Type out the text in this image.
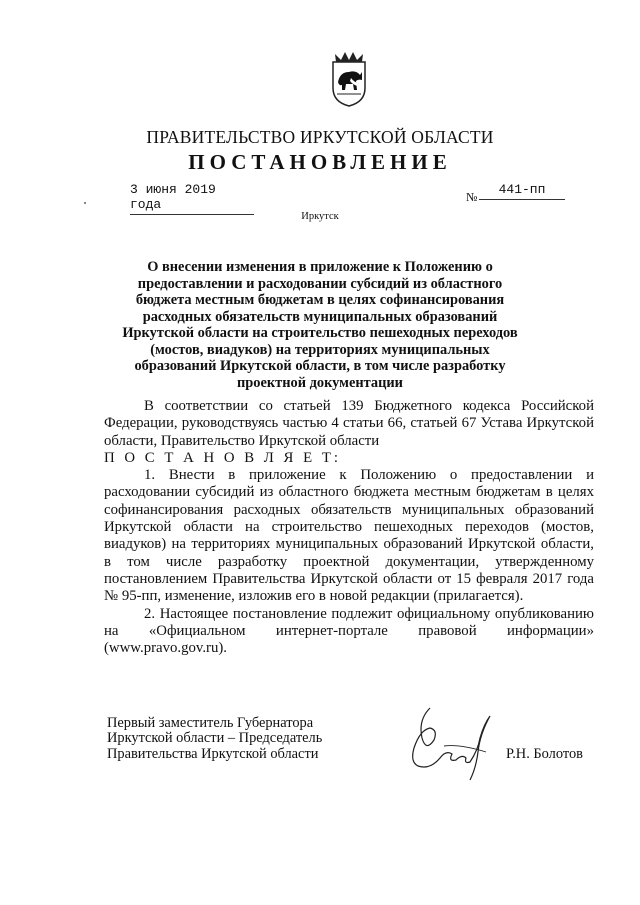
ПРАВИТЕЛЬСТВО ИРКУТСКОЙ ОБЛАСТИ
ПОСТАНОВЛЕНИЕ
3 июня 2019 года	№	441-пп
Иркутск
О внесении изменения в приложение к Положению о предоставлении и расходовании субсидий из областного бюджета местным бюджетам в целях софинансирования расходных обязательств муниципальных образований Иркутской области на строительство пешеходных переходов (мостов, виадуков) на территориях муниципальных образований Иркутской области, в том числе разработку проектной документации

В соответствии со статьей 139 Бюджетного кодекса Российской Федерации, руководствуясь частью 4 статьи 66, статьей 67 Устава Иркутской области, Правительство Иркутской области

П О С Т А Н О В Л Я Е Т:

1. Внести в приложение к Положению о предоставлении и расходовании субсидий из областного бюджета местным бюджетам в целях софинансирования расходных обязательств муниципальных образований Иркутской области на строительство пешеходных переходов (мостов, виадуков) на территориях муниципальных образований Иркутской области, в том числе разработку проектной документации, утвержденному постановлением Правительства Иркутской области от 15 февраля 2017 года № 95-пп, изменение, изложив его в новой редакции (прилагается).

2. Настоящее постановление подлежит официальному опубликованию на «Официальном интернет-портале правовой информации» (www.pravo.gov.ru).

Первый заместитель Губернатора
Иркутской области – Председатель
Правительства Иркутской области	Р.Н. Болотов
